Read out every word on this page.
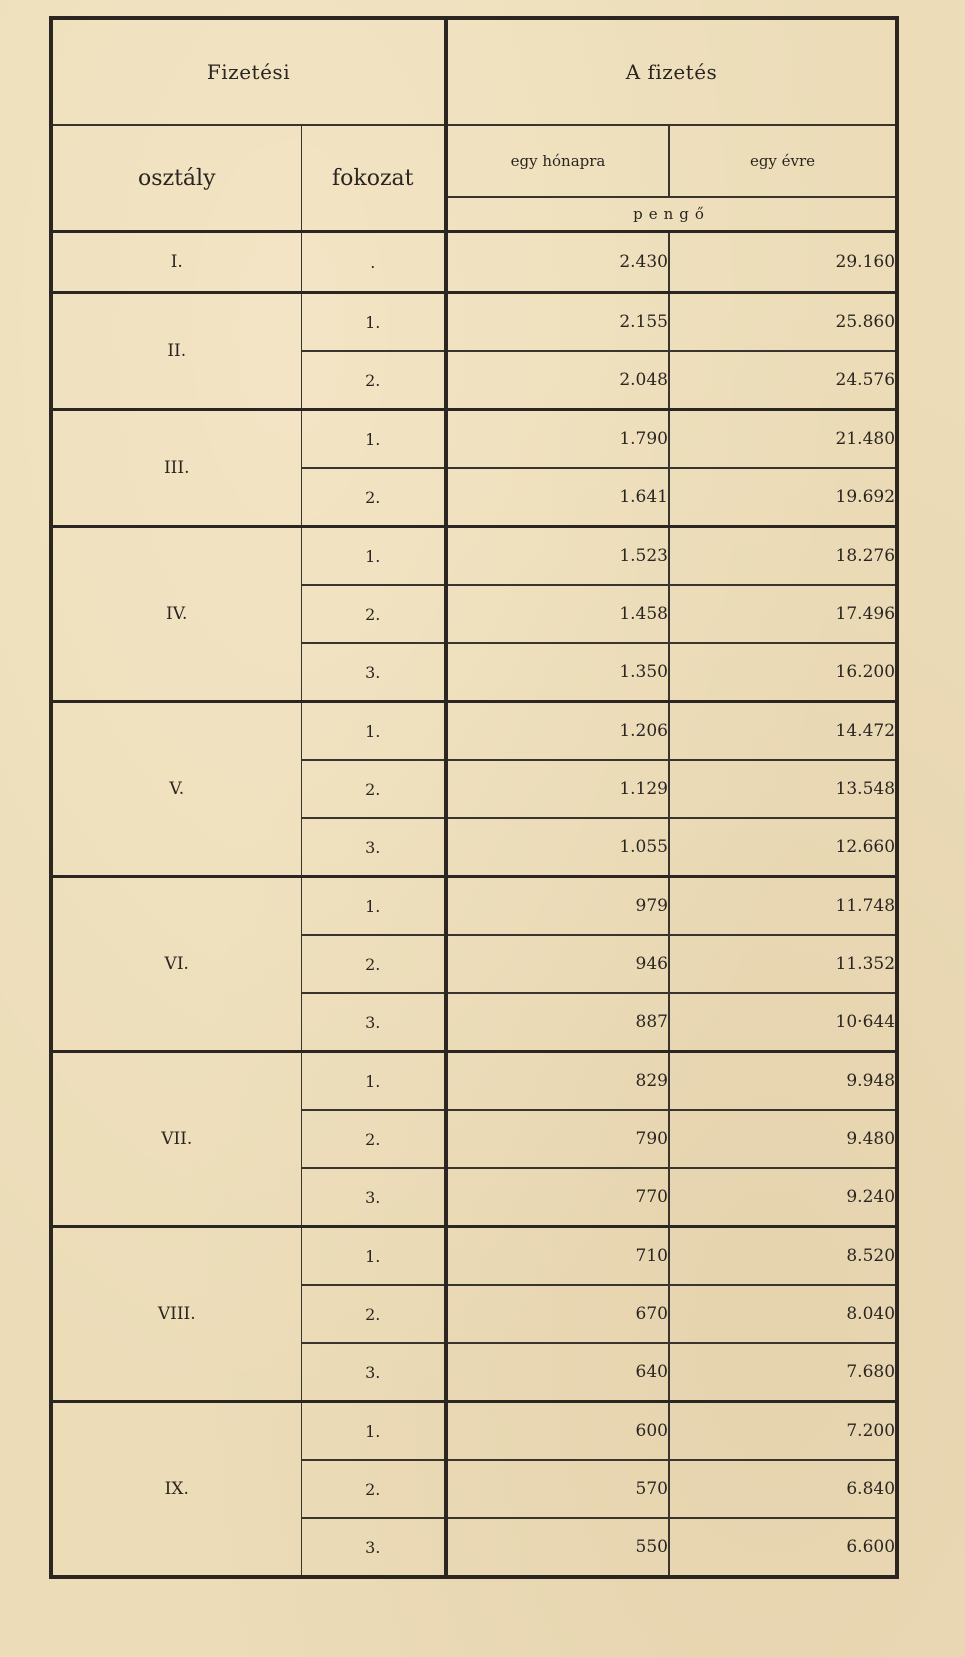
Fizetési		A fizetés	
osztály	fokozat	egy hónapra	egy évre
		pengő	
I.	.	2.430	29.160
II.	1.	2.155	25.860
	2.	2.048	24.576
III.	1.	1.790	21.480
	2.	1.641	19.692
IV.	1.	1.523	18.276
	2.	1.458	17.496
	3.	1.350	16.200
V.	1.	1.206	14.472
	2.	1.129	13.548
	3.	1.055	12.660
VI.	1.	979	11.748
	2.	946	11.352
	3.	887	10·644
VII.	1.	829	9.948
	2.	790	9.480
	3.	770	9.240
VIII.	1.	710	8.520
	2.	670	8.040
	3.	640	7.680
IX.	1.	600	7.200
	2.	570	6.840
	3.	550	6.600
